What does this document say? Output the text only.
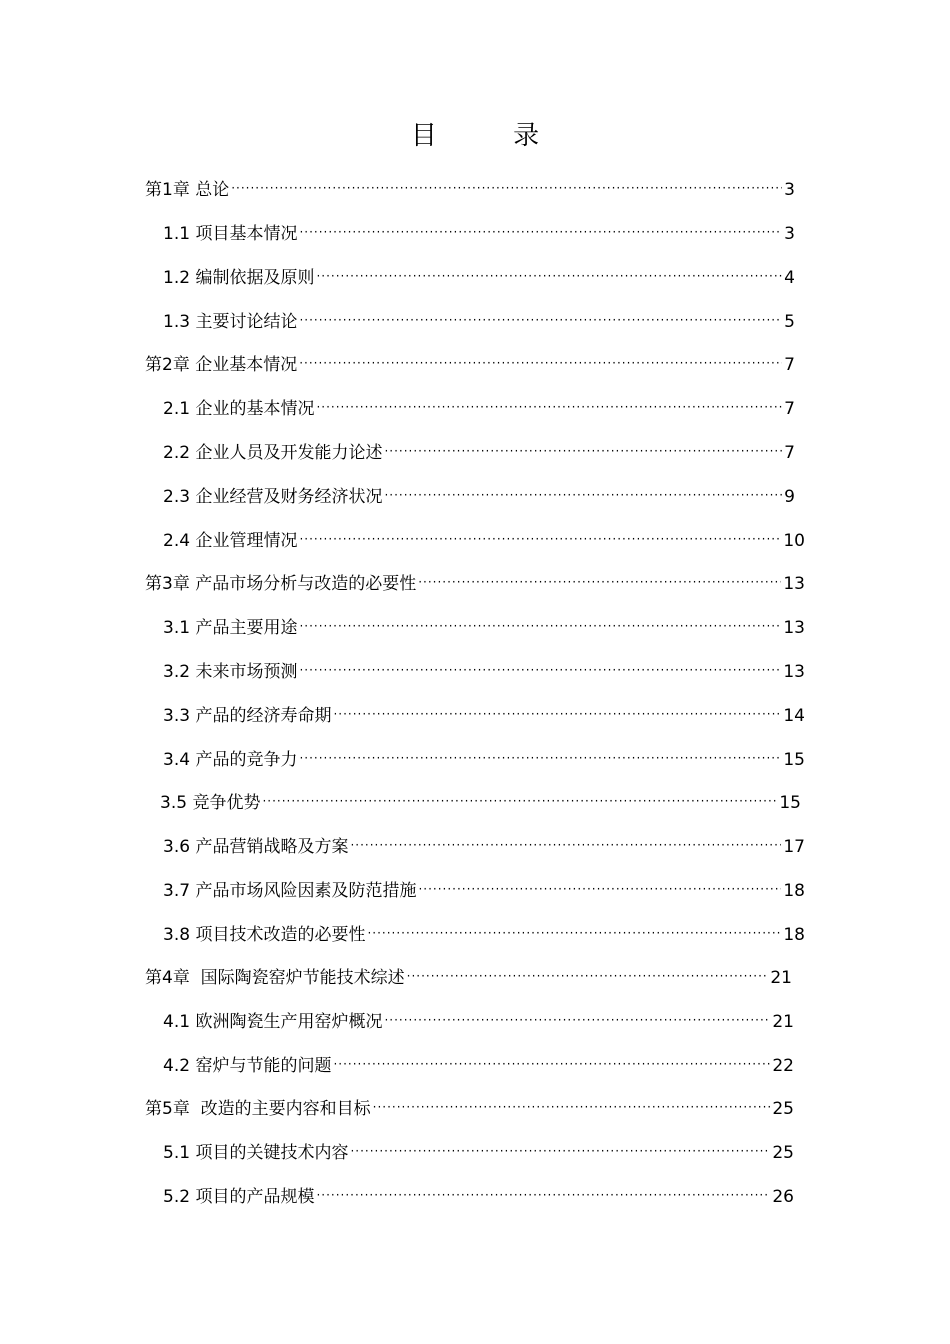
目 录
第1章 总论 ·····	3
1.1 项目基本情况 ·····	3
1.2 编制依据及原则 ·····	4
1.3 主要讨论结论 ·····	5
第2章 企业基本情况 ·····	7
2.1 企业的基本情况 ·····	7
2.2 企业人员及开发能力论述 ·····	7
2.3 企业经营及财务经济状况 ·····	9
2.4 企业管理情况 ·····	10
第3章 产品市场分析与改造的必要性 ·····	13
3.1 产品主要用途 ·····	13
3.2 未来市场预测 ·····	13
3.3 产品的经济寿命期 ·····	14
3.4 产品的竞争力 ·····	15
3.5 竞争优势 ·····	15
3.6 产品营销战略及方案 ·····	17
3.7 产品市场风险因素及防范措施 ·····	18
3.8 项目技术改造的必要性 ·····	18
第4章  国际陶瓷窑炉节能技术综述 ·····	21
4.1 欧洲陶瓷生产用窑炉概况 ·····	21
4.2 窑炉与节能的问题 ·····	22
第5章  改造的主要内容和目标 ·····	25
5.1 项目的关键技术内容 ·····	25
5.2 项目的产品规模 ·····	26
